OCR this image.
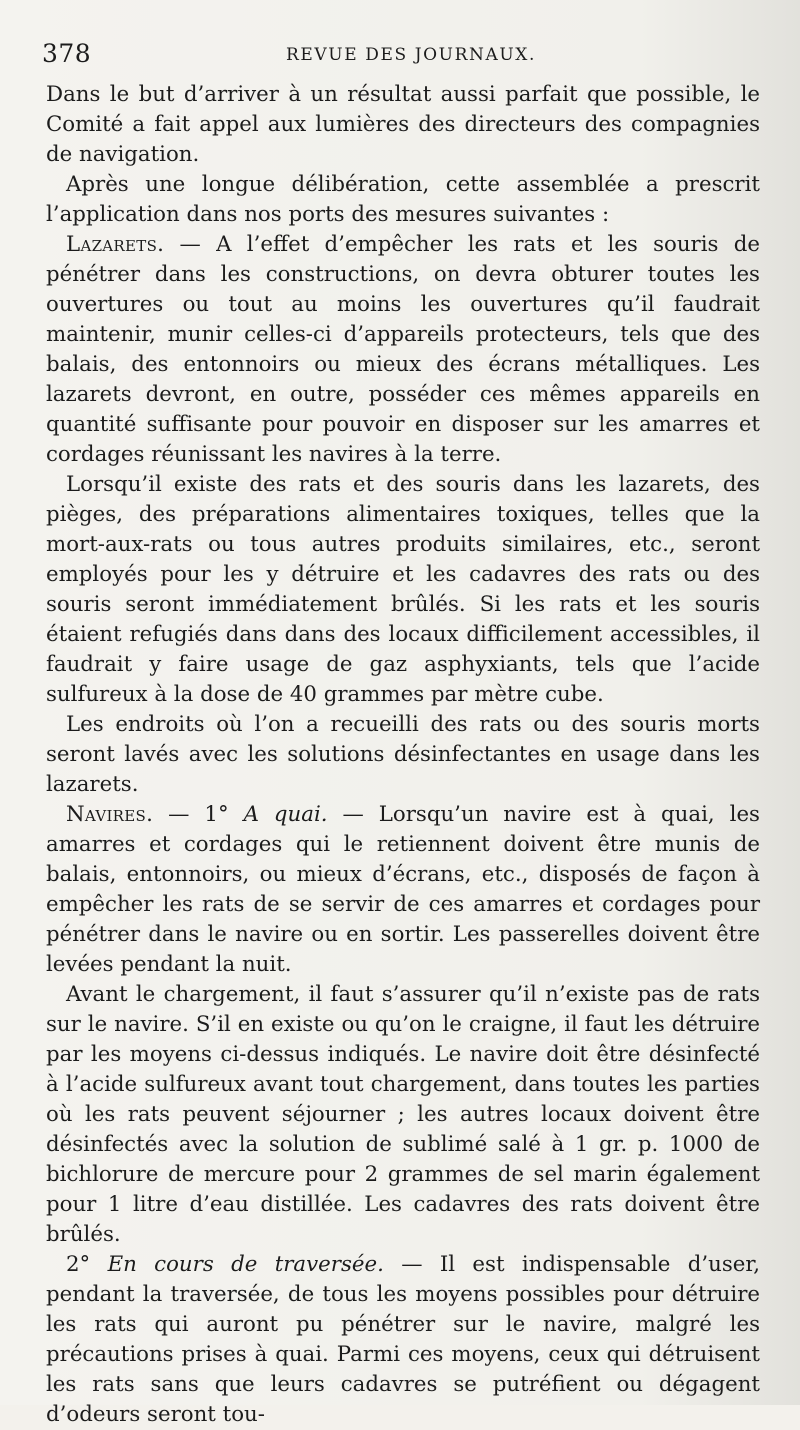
378	REVUE DES JOURNAUX.

Dans le but d’arriver à un résultat aussi parfait que possible, le Comité a fait appel aux lumières des directeurs des compagnies de navigation.

Après une longue délibération, cette assemblée a prescrit l’application dans nos ports des mesures suivantes :

Lazarets. — A l’effet d’empêcher les rats et les souris de pénétrer dans les constructions, on devra obturer toutes les ouvertures ou tout au moins les ouvertures qu’il faudrait maintenir, munir celles-ci d’appareils protecteurs, tels que des balais, des entonnoirs ou mieux des écrans métalliques. Les lazarets devront, en outre, posséder ces mêmes appareils en quantité suffisante pour pouvoir en disposer sur les amarres et cordages réunissant les navires à la terre.

Lorsqu’il existe des rats et des souris dans les lazarets, des pièges, des préparations alimentaires toxiques, telles que la mort-aux-rats ou tous autres produits similaires, etc., seront employés pour les y détruire et les cadavres des rats ou des souris seront immédiatement brûlés. Si les rats et les souris étaient refugiés dans dans des locaux difficilement accessibles, il faudrait y faire usage de gaz asphyxiants, tels que l’acide sulfureux à la dose de 40 grammes par mètre cube.

Les endroits où l’on a recueilli des rats ou des souris morts seront lavés avec les solutions désinfectantes en usage dans les lazarets.

Navires. — 1° A quai. — Lorsqu’un navire est à quai, les amarres et cordages qui le retiennent doivent être munis de balais, entonnoirs, ou mieux d’écrans, etc., disposés de façon à empêcher les rats de se servir de ces amarres et cordages pour pénétrer dans le navire ou en sortir. Les passerelles doivent être levées pendant la nuit.

Avant le chargement, il faut s’assurer qu’il n’existe pas de rats sur le navire. S’il en existe ou qu’on le craigne, il faut les détruire par les moyens ci-dessus indiqués. Le navire doit être désinfecté à l’acide sulfureux avant tout chargement, dans toutes les parties où les rats peuvent séjourner ; les autres locaux doivent être désinfectés avec la solution de sublimé salé à 1 gr. p. 1000 de bichlorure de mercure pour 2 grammes de sel marin également pour 1 litre d’eau distillée. Les cadavres des rats doivent être brûlés.

2° En cours de traversée. — Il est indispensable d’user, pendant la traversée, de tous les moyens possibles pour détruire les rats qui auront pu pénétrer sur le navire, malgré les précautions prises à quai. Parmi ces moyens, ceux qui détruisent les rats sans que leurs cadavres se putréfient ou dégagent d’odeurs seront tou-
